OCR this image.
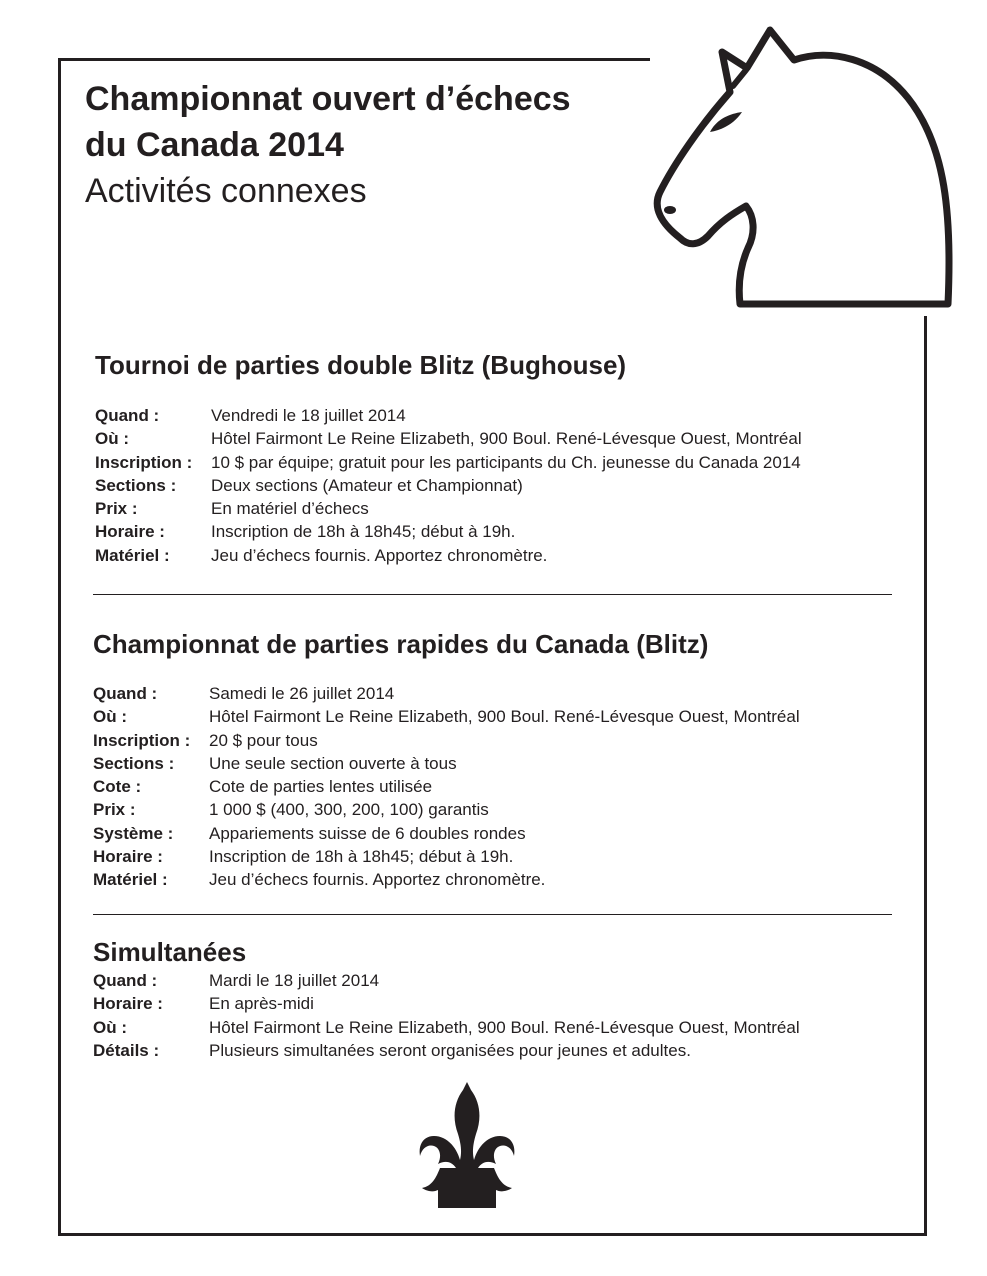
Championnat ouvert d’échecs
du Canada 2014
Activités connexes
Tournoi de parties double Blitz (Bughouse)
Quand :	Vendredi le 18 juillet 2014
Où :	Hôtel Fairmont Le Reine Elizabeth, 900 Boul. René-Lévesque Ouest, Montréal
Inscription :	10 $ par équipe; gratuit pour les participants du Ch. jeunesse du Canada 2014
Sections :	Deux sections (Amateur et Championnat)
Prix :	En matériel d’échecs
Horaire :	Inscription de 18h à 18h45; début à 19h.
Matériel :	Jeu d’échecs fournis. Apportez chronomètre.
Championnat de parties rapides du Canada (Blitz)
Quand :	Samedi le 26 juillet 2014
Où :	Hôtel Fairmont Le Reine Elizabeth, 900 Boul. René-Lévesque Ouest, Montréal
Inscription :	20 $ pour tous
Sections :	Une seule section ouverte à tous
Cote :	Cote de parties lentes utilisée
Prix :	1 000 $ (400, 300, 200, 100) garantis
Système :	Appariements suisse de 6 doubles rondes
Horaire :	Inscription de 18h à 18h45; début à 19h.
Matériel :	Jeu d’échecs fournis. Apportez chronomètre.
Simultanées
Quand :	Mardi le 18 juillet 2014
Horaire :	En après-midi
Où :	Hôtel Fairmont Le Reine Elizabeth, 900 Boul. René-Lévesque Ouest, Montréal
Détails :	Plusieurs simultanées seront organisées pour jeunes et adultes.
